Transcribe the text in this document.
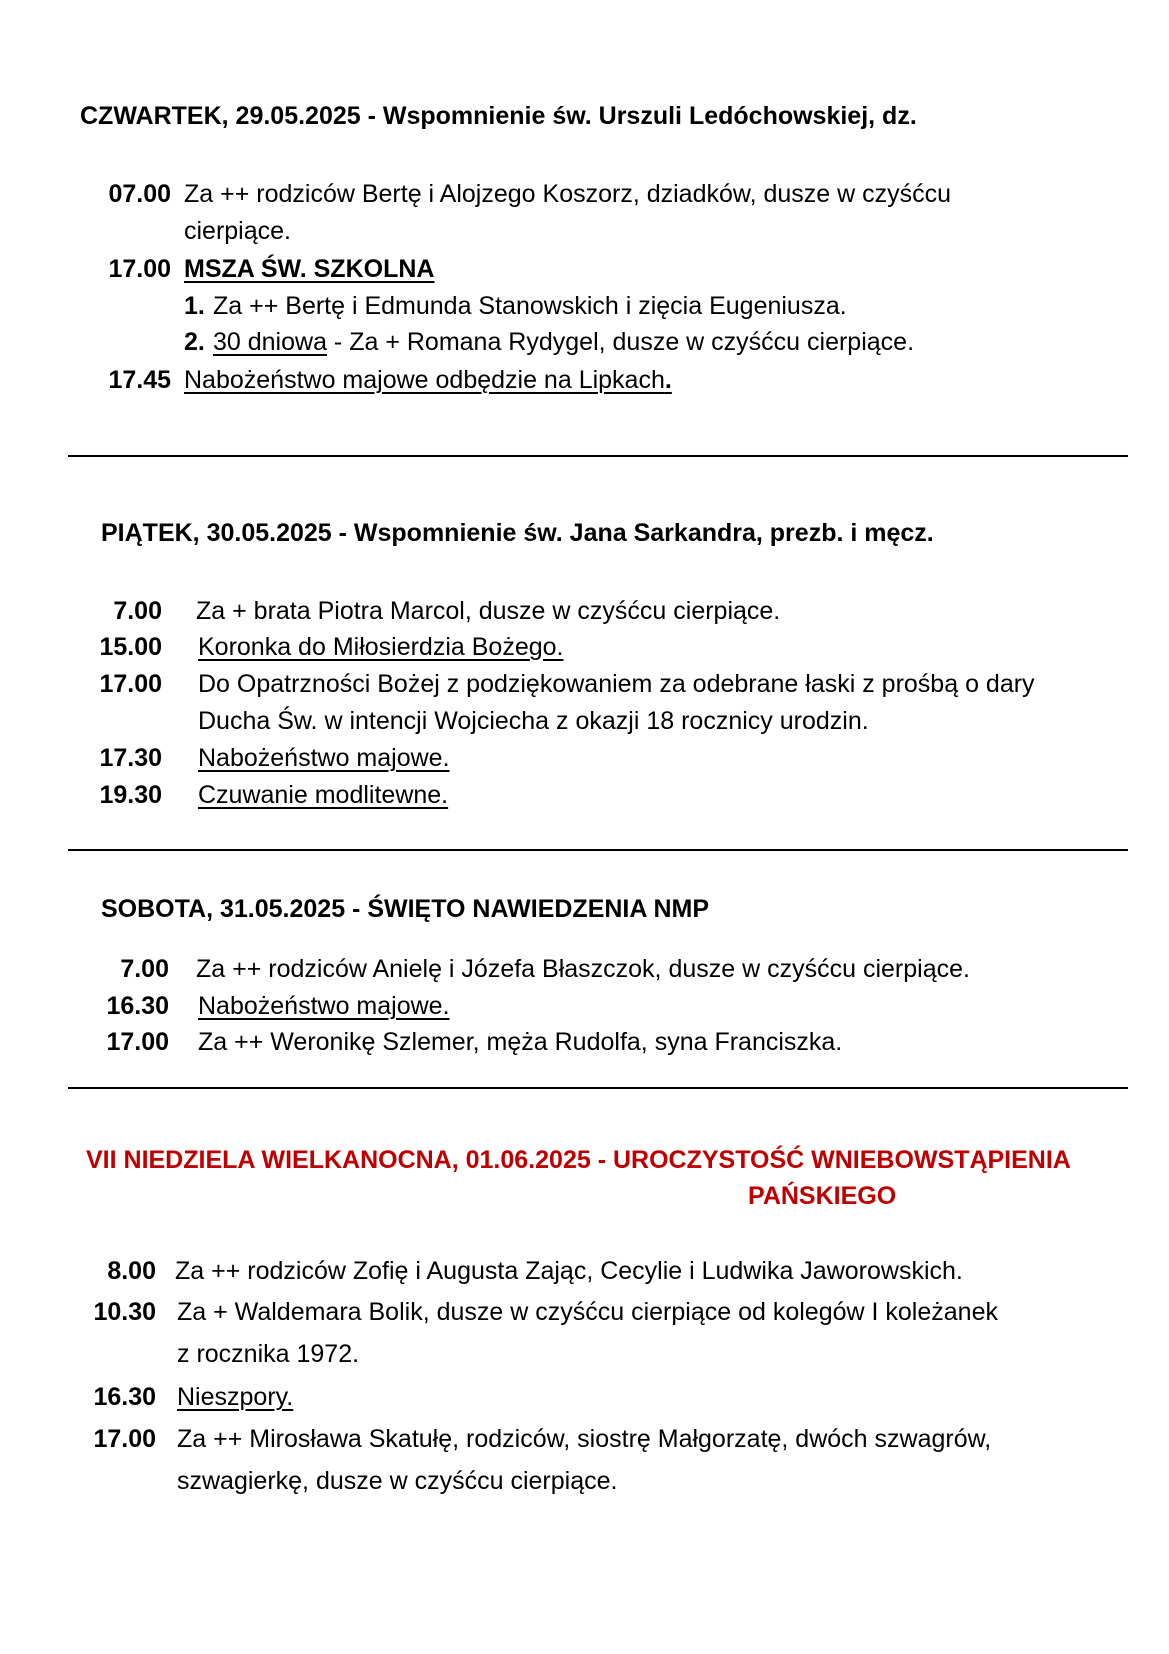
CZWARTEK, 29.05.2025 - Wspomnienie św. Urszuli Ledóchowskiej, dz.
07.00 Za ++ rodziców Bertę i Alojzego Koszorz, dziadków, dusze w czyśćcu
cierpiące.
17.00 MSZA ŚW. SZKOLNA
1. Za ++ Bertę i Edmunda Stanowskich i zięcia Eugeniusza.
2. 30 dniowa - Za + Romana Rydygel, dusze w czyśćcu cierpiące.
17.45 Nabożeństwo majowe odbędzie na Lipkach.
PIĄTEK, 30.05.2025 - Wspomnienie św. Jana Sarkandra, prezb. i męcz.
7.00 Za + brata Piotra Marcol, dusze w czyśćcu cierpiące.
15.00 Koronka do Miłosierdzia Bożego.
17.00 Do Opatrzności Bożej z podziękowaniem za odebrane łaski z prośbą o dary
Ducha Św. w intencji Wojciecha z okazji 18 rocznicy urodzin.
17.30 Nabożeństwo majowe.
19.30 Czuwanie modlitewne.
SOBOTA, 31.05.2025 - ŚWIĘTO NAWIEDZENIA NMP
7.00 Za ++ rodziców Anielę i Józefa Błaszczok, dusze w czyśćcu cierpiące.
16.30 Nabożeństwo majowe.
17.00 Za ++ Weronikę Szlemer, męża Rudolfa, syna Franciszka.
VII NIEDZIELA WIELKANOCNA, 01.06.2025 - UROCZYSTOŚĆ WNIEBOWSTĄPIENIA
PAŃSKIEGO
8.00 Za ++ rodziców Zofię i Augusta Zając, Cecylie i Ludwika Jaworowskich.
10.30 Za + Waldemara Bolik, dusze w czyśćcu cierpiące od kolegów I koleżanek
z rocznika 1972.
16.30 Nieszpory.
17.00 Za ++ Mirosława Skatułę, rodziców, siostrę Małgorzatę, dwóch szwagrów,
szwagierkę, dusze w czyśćcu cierpiące.
